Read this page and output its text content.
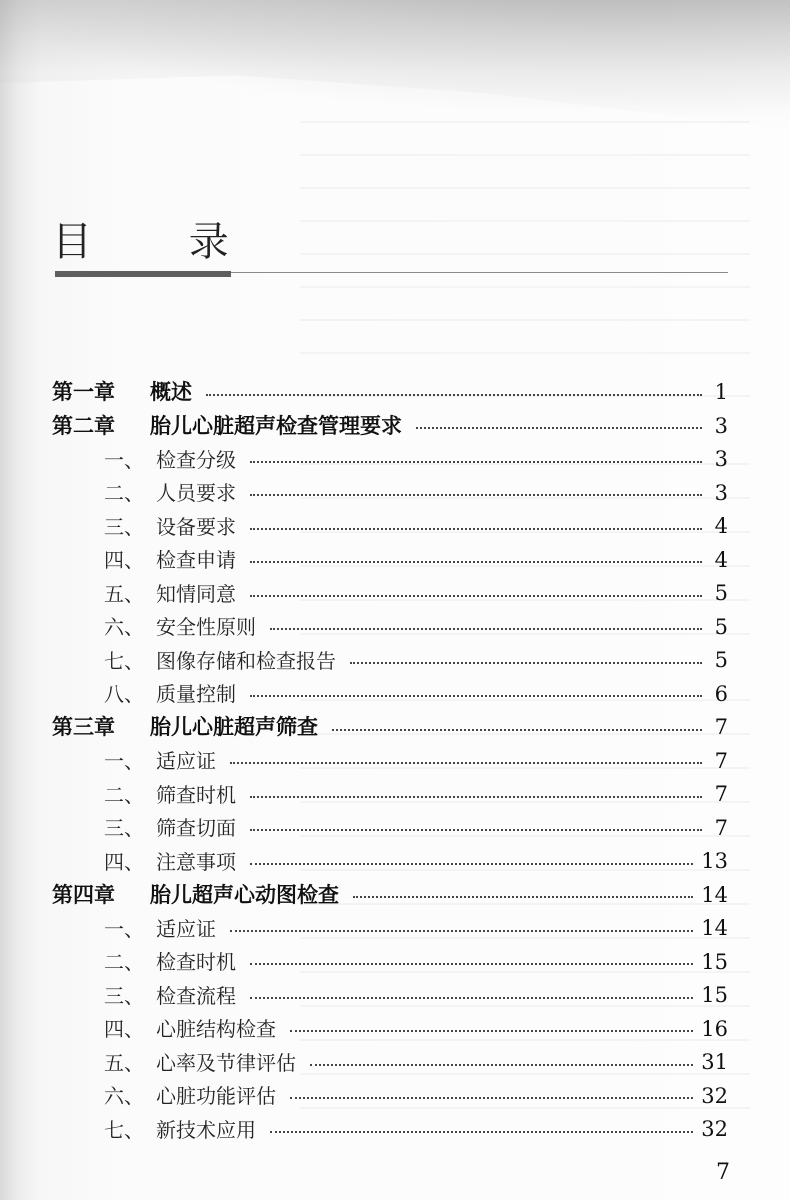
目 录
第一章	概述	1
第二章	胎儿心脏超声检查管理要求	3
一、 检查分级	3
二、 人员要求	3
三、 设备要求	4
四、 检查申请	4
五、 知情同意	5
六、 安全性原则	5
七、 图像存储和检查报告	5
八、 质量控制	6
第三章	胎儿心脏超声筛查	7
一、 适应证	7
二、 筛查时机	7
三、 筛查切面	7
四、 注意事项	13
第四章	胎儿超声心动图检查	14
一、 适应证	14
二、 检查时机	15
三、 检查流程	15
四、 心脏结构检查	16
五、 心率及节律评估	31
六、 心脏功能评估	32
七、 新技术应用	32
7
